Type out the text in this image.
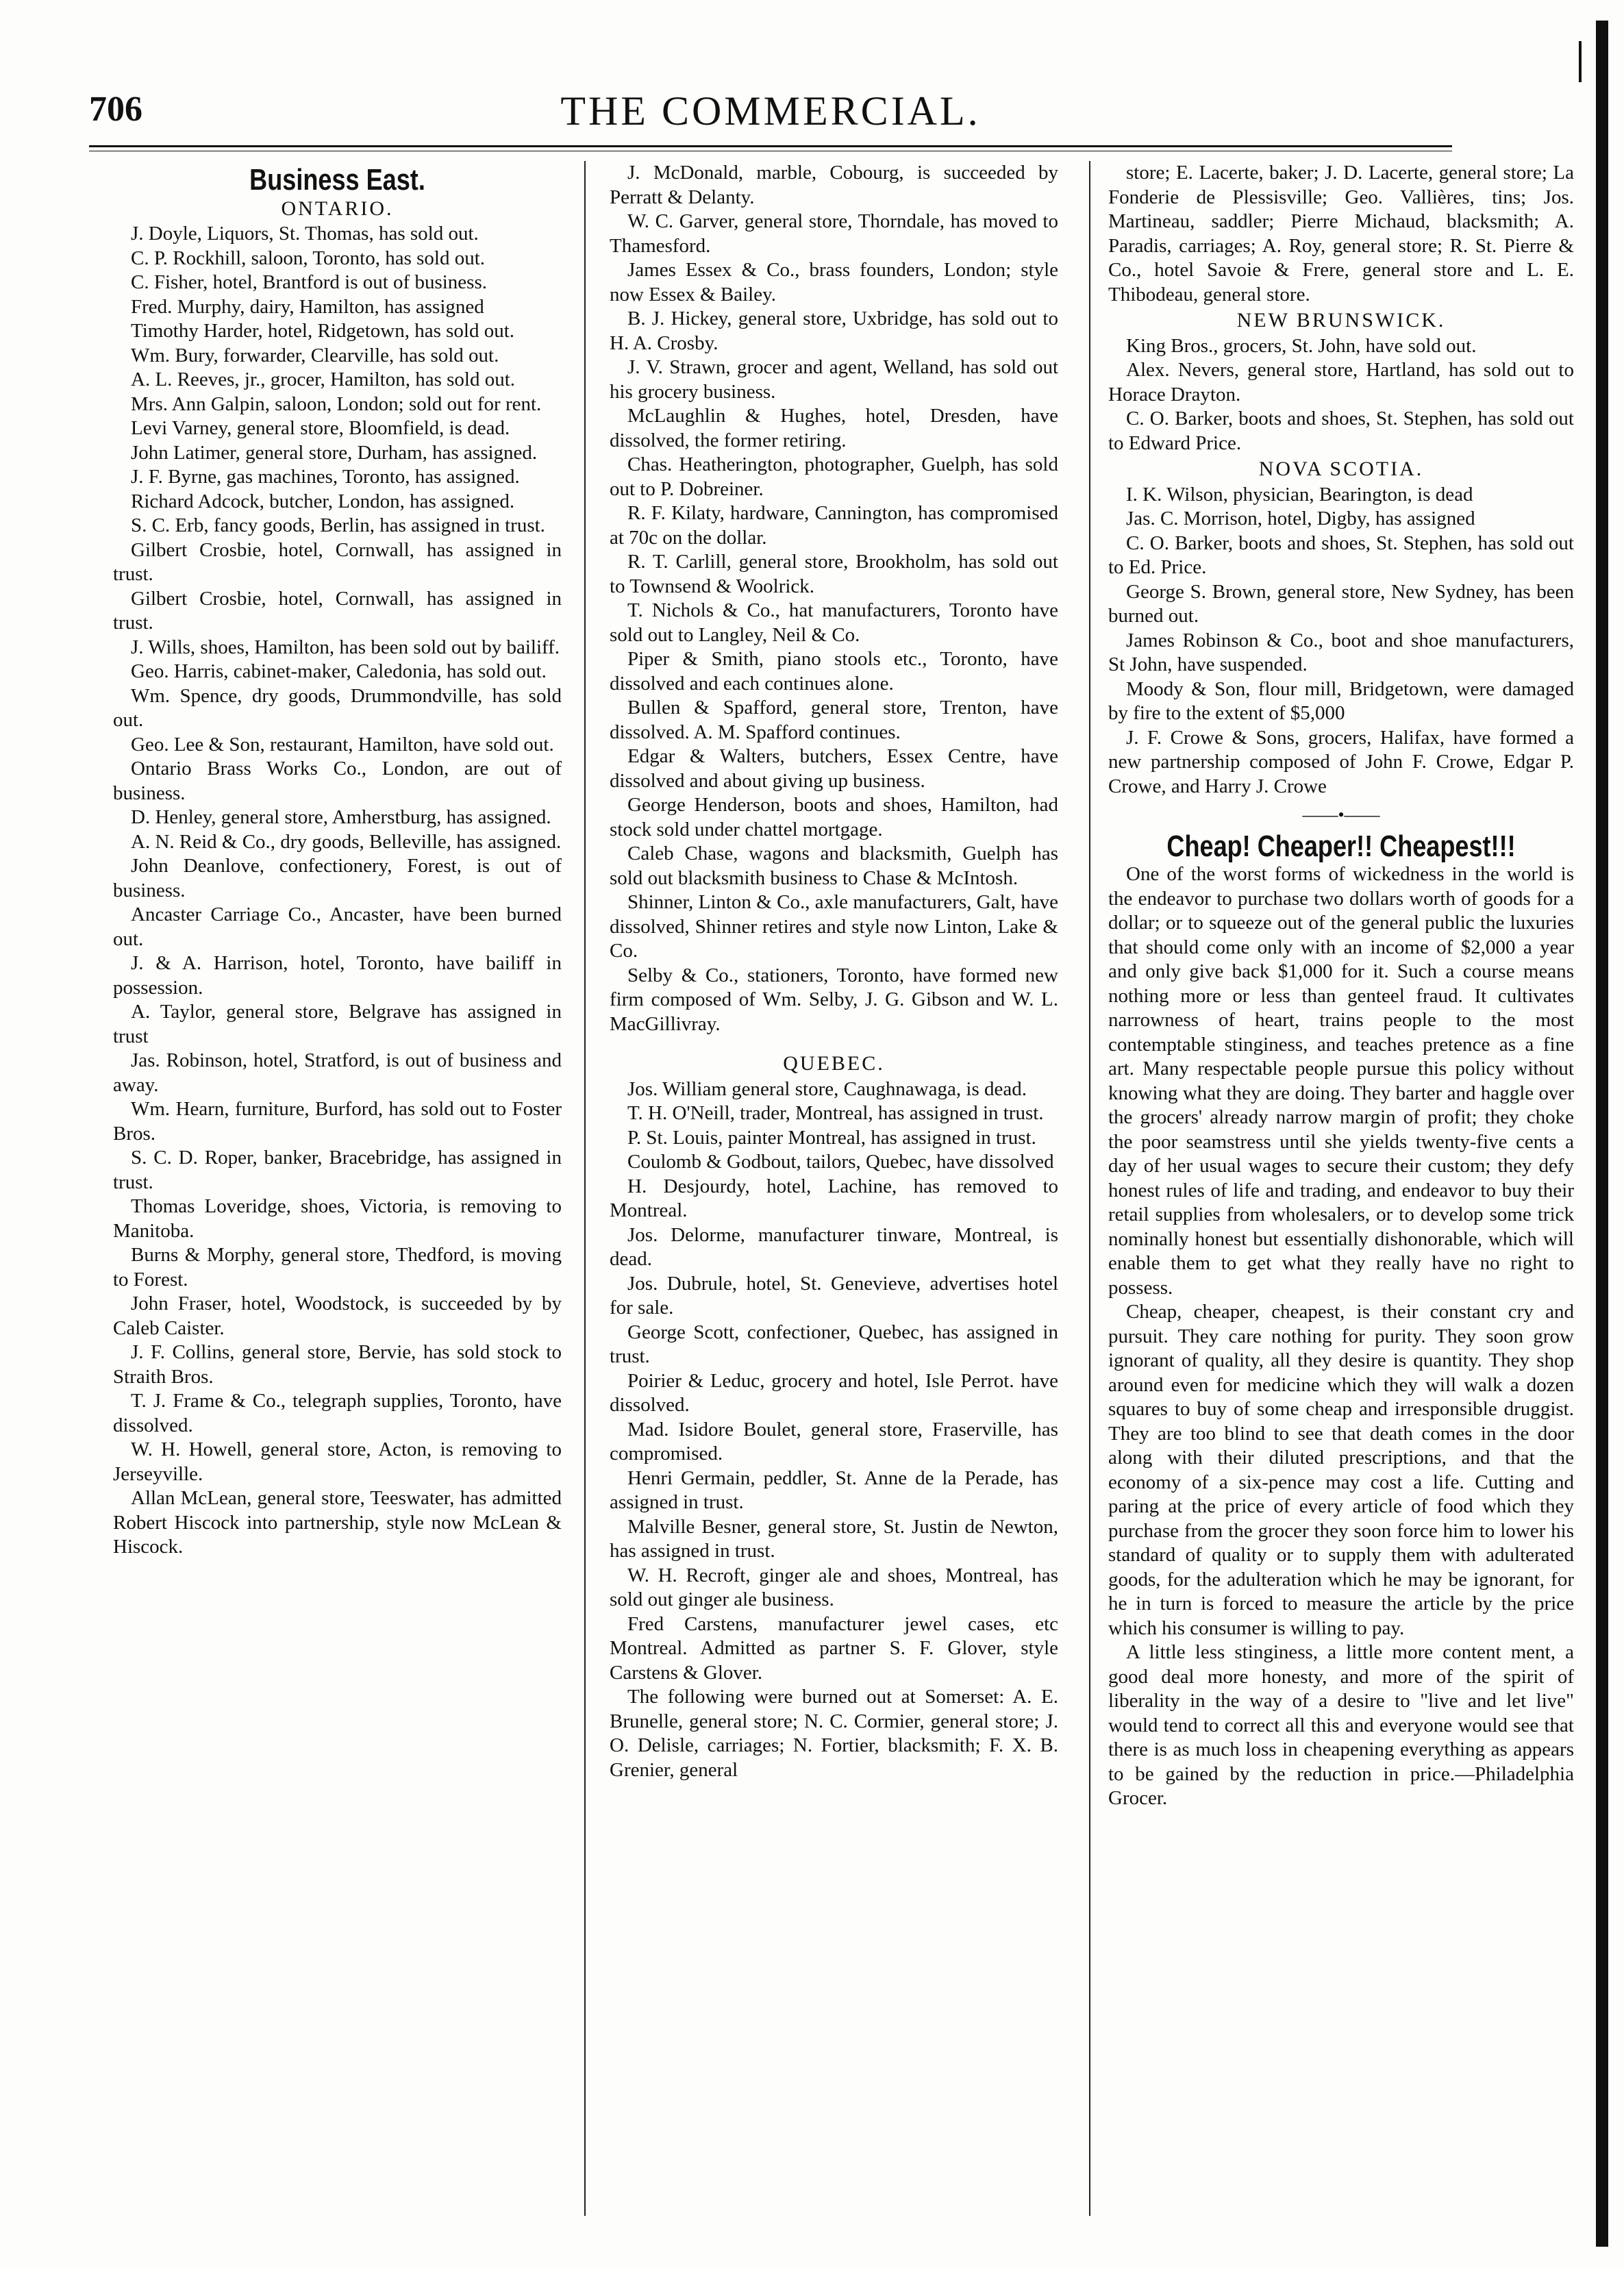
706	THE COMMERCIAL.
Business East.
ONTARIO.

J. Doyle, Liquors, St. Thomas, has sold out.

C. P. Rockhill, saloon, Toronto, has sold out.

C. Fisher, hotel, Brantford is out of business.

Fred. Murphy, dairy, Hamilton, has assigned

Timothy Harder, hotel, Ridgetown, has sold out.

Wm. Bury, forwarder, Clearville, has sold out.

A. L. Reeves, jr., grocer, Hamilton, has sold out.

Mrs. Ann Galpin, saloon, London; sold out for rent.

Levi Varney, general store, Bloomfield, is dead.

John Latimer, general store, Durham, has assigned.

J. F. Byrne, gas machines, Toronto, has assigned.

Richard Adcock, butcher, London, has assigned.

S. C. Erb, fancy goods, Berlin, has assigned in trust.

Gilbert Crosbie, hotel, Cornwall, has assigned in trust.

Gilbert Crosbie, hotel, Cornwall, has assigned in trust.

J. Wills, shoes, Hamilton, has been sold out by bailiff.

Geo. Harris, cabinet-maker, Caledonia, has sold out.

Wm. Spence, dry goods, Drummondville, has sold out.

Geo. Lee & Son, restaurant, Hamilton, have sold out.

Ontario Brass Works Co., London, are out of business.

D. Henley, general store, Amherstburg, has assigned.

A. N. Reid & Co., dry goods, Belleville, has assigned.

John Deanlove, confectionery, Forest, is out of business.

Ancaster Carriage Co., Ancaster, have been burned out.

J. & A. Harrison, hotel, Toronto, have bailiff in possession.

A. Taylor, general store, Belgrave has assigned in trust

Jas. Robinson, hotel, Stratford, is out of business and away.

Wm. Hearn, furniture, Burford, has sold out to Foster Bros.

S. C. D. Roper, banker, Bracebridge, has assigned in trust.

Thomas Loveridge, shoes, Victoria, is removing to Manitoba.

Burns & Morphy, general store, Thedford, is moving to Forest.

John Fraser, hotel, Woodstock, is succeeded by by Caleb Caister.

J. F. Collins, general store, Bervie, has sold stock to Straith Bros.

T. J. Frame & Co., telegraph supplies, Toronto, have dissolved.

W. H. Howell, general store, Acton, is removing to Jerseyville.

Allan McLean, general store, Teeswater, has admitted Robert Hiscock into partnership, style now McLean & Hiscock.

J. McDonald, marble, Cobourg, is succeeded by Perratt & Delanty.

W. C. Garver, general store, Thorndale, has moved to Thamesford.

James Essex & Co., brass founders, London; style now Essex & Bailey.

B. J. Hickey, general store, Uxbridge, has sold out to H. A. Crosby.

J. V. Strawn, grocer and agent, Welland, has sold out his grocery business.

McLaughlin & Hughes, hotel, Dresden, have dissolved, the former retiring.

Chas. Heatherington, photographer, Guelph, has sold out to P. Dobreiner.

R. F. Kilaty, hardware, Cannington, has compromised at 70c on the dollar.

R. T. Carlill, general store, Brookholm, has sold out to Townsend & Woolrick.

T. Nichols & Co., hat manufacturers, Toronto have sold out to Langley, Neil & Co.

Piper & Smith, piano stools etc., Toronto, have dissolved and each continues alone.

Bullen & Spafford, general store, Trenton, have dissolved. A. M. Spafford continues.

Edgar & Walters, butchers, Essex Centre, have dissolved and about giving up business.

George Henderson, boots and shoes, Hamilton, had stock sold under chattel mortgage.

Caleb Chase, wagons and blacksmith, Guelph has sold out blacksmith business to Chase & McIntosh.

Shinner, Linton & Co., axle manufacturers, Galt, have dissolved, Shinner retires and style now Linton, Lake & Co.

Selby & Co., stationers, Toronto, have formed new firm composed of Wm. Selby, J. G. Gibson and W. L. MacGillivray.

QUEBEC.

Jos. William general store, Caughnawaga, is dead.

T. H. O'Neill, trader, Montreal, has assigned in trust.

P. St. Louis, painter Montreal, has assigned in trust.

Coulomb & Godbout, tailors, Quebec, have dissolved

H. Desjourdy, hotel, Lachine, has removed to Montreal.

Jos. Delorme, manufacturer tinware, Montreal, is dead.

Jos. Dubrule, hotel, St. Genevieve, advertises hotel for sale.

George Scott, confectioner, Quebec, has assigned in trust.

Poirier & Leduc, grocery and hotel, Isle Perrot. have dissolved.

Mad. Isidore Boulet, general store, Fraserville, has compromised.

Henri Germain, peddler, St. Anne de la Perade, has assigned in trust.

Malville Besner, general store, St. Justin de Newton, has assigned in trust.

W. H. Recroft, ginger ale and shoes, Montreal, has sold out ginger ale business.

Fred Carstens, manufacturer jewel cases, etc Montreal. Admitted as partner S. F. Glover, style Carstens & Glover.

The following were burned out at Somerset: A. E. Brunelle, general store; N. C. Cormier, general store; J. O. Delisle, carriages; N. Fortier, blacksmith; F. X. B. Grenier, general

store; E. Lacerte, baker; J. D. Lacerte, general store; La Fonderie de Plessisville; Geo. Vallières, tins; Jos. Martineau, saddler; Pierre Michaud, blacksmith; A. Paradis, carriages; A. Roy, general store; R. St. Pierre & Co., hotel Savoie & Frere, general store and L. E. Thibodeau, general store.

NEW BRUNSWICK.

King Bros., grocers, St. John, have sold out.

Alex. Nevers, general store, Hartland, has sold out to Horace Drayton.

C. O. Barker, boots and shoes, St. Stephen, has sold out to Edward Price.

NOVA SCOTIA.

I. K. Wilson, physician, Bearington, is dead

Jas. C. Morrison, hotel, Digby, has assigned

C. O. Barker, boots and shoes, St. Stephen, has sold out to Ed. Price.

George S. Brown, general store, New Sydney, has been burned out.

James Robinson & Co., boot and shoe manufacturers, St John, have suspended.

Moody & Son, flour mill, Bridgetown, were damaged by fire to the extent of $5,000

J. F. Crowe & Sons, grocers, Halifax, have formed a new partnership composed of John F. Crowe, Edgar P. Crowe, and Harry J. Crowe

——•——
Cheap! Cheaper!! Cheapest!!!

One of the worst forms of wickedness in the world is the endeavor to purchase two dollars worth of goods for a dollar; or to squeeze out of the general public the luxuries that should come only with an income of $2,000 a year and only give back $1,000 for it. Such a course means nothing more or less than genteel fraud. It cultivates narrowness of heart, trains people to the most contemptable stinginess, and teaches pretence as a fine art. Many respectable people pursue this policy without knowing what they are doing. They barter and haggle over the grocers' already narrow margin of profit; they choke the poor seamstress until she yields twenty-five cents a day of her usual wages to secure their custom; they defy honest rules of life and trading, and endeavor to buy their retail supplies from wholesalers, or to develop some trick nominally honest but essentially dishonorable, which will enable them to get what they really have no right to possess.

Cheap, cheaper, cheapest, is their constant cry and pursuit. They care nothing for purity. They soon grow ignorant of quality, all they desire is quantity. They shop around even for medicine which they will walk a dozen squares to buy of some cheap and irresponsible druggist. They are too blind to see that death comes in the door along with their diluted prescriptions, and that the economy of a six-pence may cost a life. Cutting and paring at the price of every article of food which they purchase from the grocer they soon force him to lower his standard of quality or to supply them with adulterated goods, for the adulteration which he may be ignorant, for he in turn is forced to measure the article by the price which his consumer is willing to pay.

A little less stinginess, a little more content ment, a good deal more honesty, and more of the spirit of liberality in the way of a desire to "live and let live" would tend to correct all this and everyone would see that there is as much loss in cheapening everything as appears to be gained by the reduction in price.—Philadelphia Grocer.
